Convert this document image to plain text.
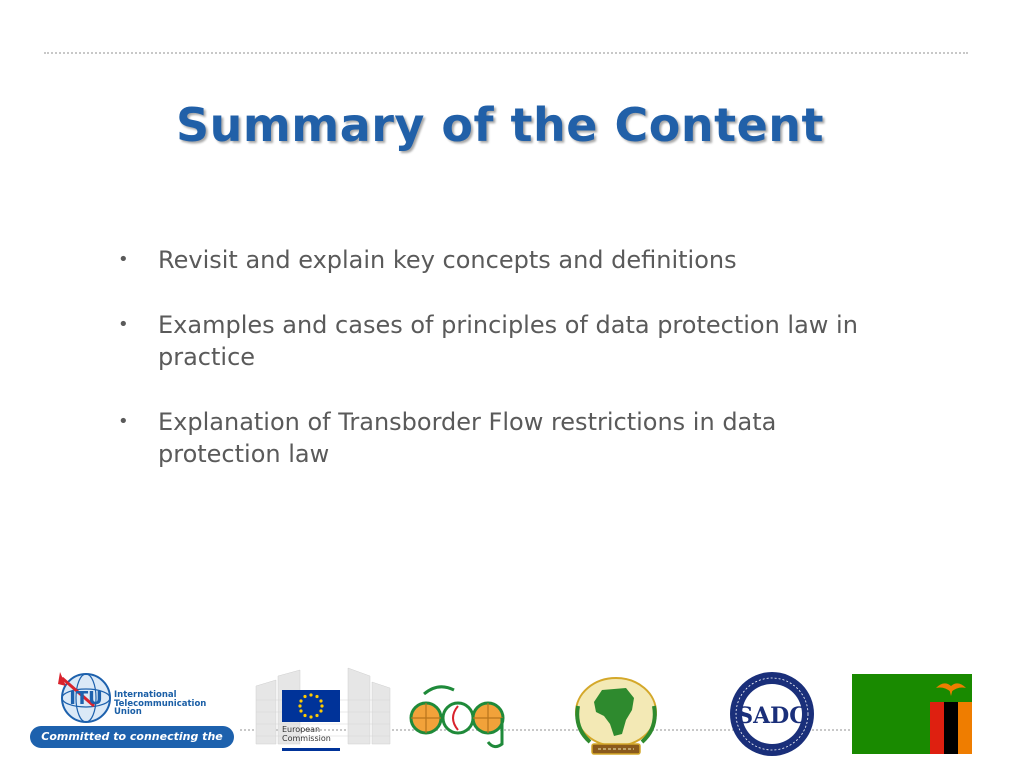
Summary of the Content
• Revisit and explain key concepts and definitions
• Examples and cases of principles of data protection law in practice
• Explanation of Transborder Flow restrictions in data protection law
ITU International
Telecommunication
Union
Committed to connecting the world
European
Commission
SADC
